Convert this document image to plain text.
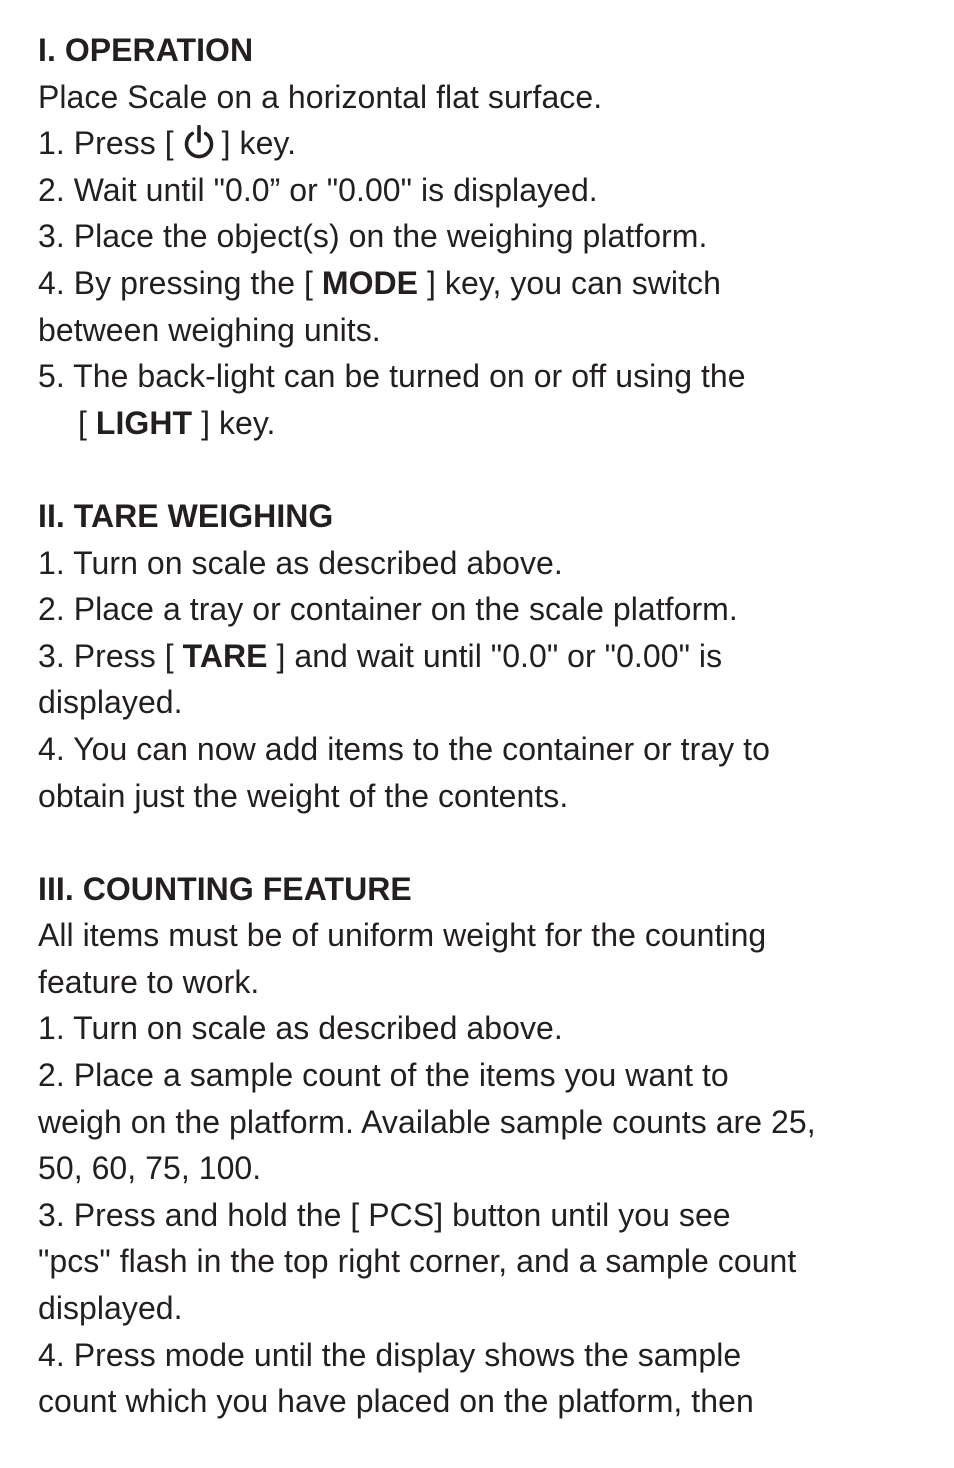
I. OPERATION
Place Scale on a horizontal flat surface.
1. Press [ ] key.
2. Wait until "0.0” or "0.00" is displayed.
3. Place the object(s) on the weighing platform.
4. By pressing the [ MODE ] key, you can switch
between weighing units.
5. The back-light can be turned on or off using the
[ LIGHT ] key.
II. TARE WEIGHING
1. Turn on scale as described above.
2. Place a tray or container on the scale platform.
3. Press [ TARE ] and wait until "0.0" or "0.00" is
displayed.
4. You can now add items to the container or tray to
obtain just the weight of the contents.
III. COUNTING FEATURE
All items must be of uniform weight for the counting
feature to work.
1. Turn on scale as described above.
2. Place a sample count of the items you want to
weigh on the platform. Available sample counts are 25,
50, 60, 75, 100.
3. Press and hold the [ PCS] button until you see
"pcs" flash in the top right corner, and a sample count
displayed.
4. Press mode until the display shows the sample
count which you have placed on the platform, then
